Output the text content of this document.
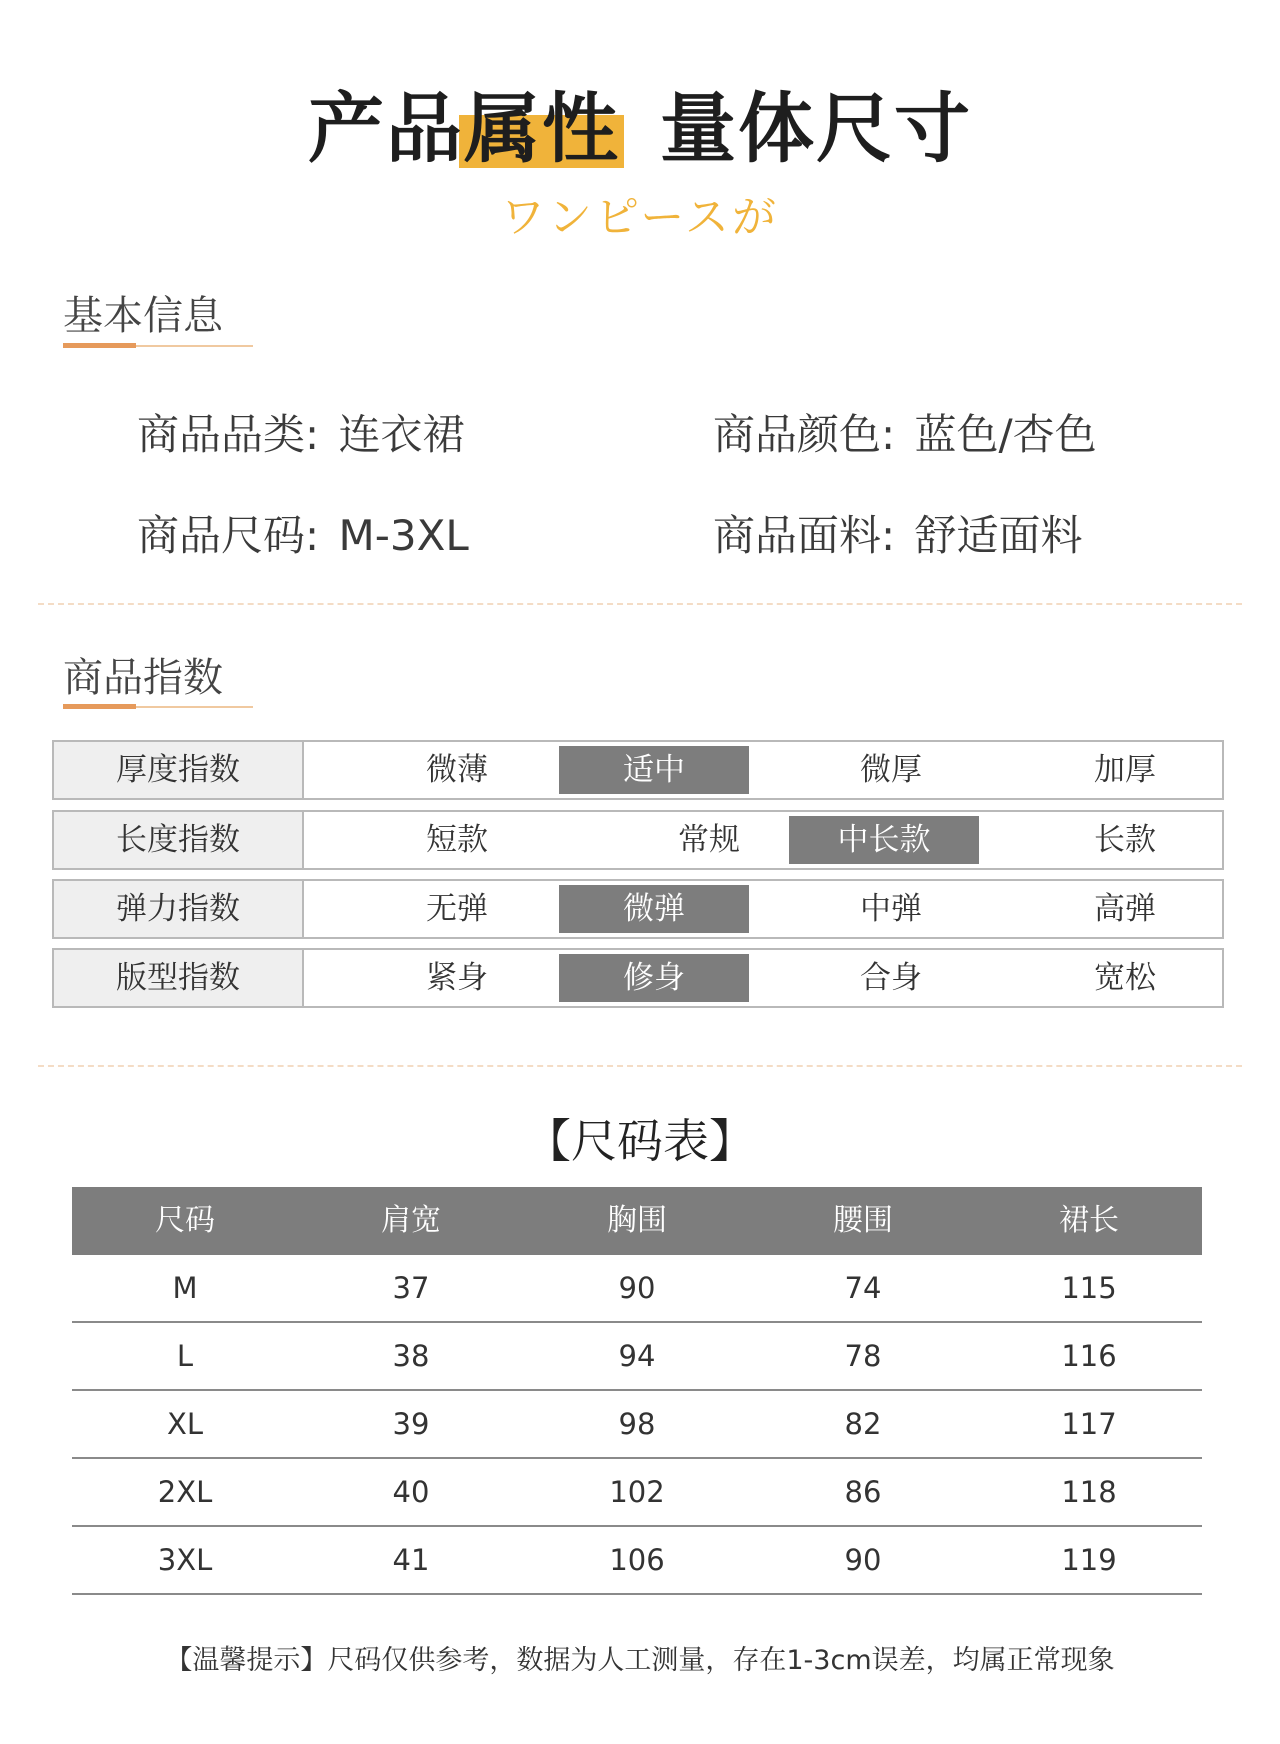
产品属性 量体尺寸
ワンピースが
基本信息
商品品类: 连衣裙	商品颜色: 蓝色/杏色
商品尺码: M-3XL	商品面料: 舒适面料
商品指数
厚度指数	微薄	适中	微厚	加厚
长度指数	短款	常规	中长款	长款
弹力指数	无弹	微弹	中弹	高弹
版型指数	紧身	修身	合身	宽松
【尺码表】
尺码	肩宽	胸围	腰围	裙长
M	37	90	74	115
L	38	94	78	116
XL	39	98	82	117
2XL	40	102	86	118
3XL	41	106	90	119
【温馨提示】尺码仅供参考，数据为人工测量，存在1-3cm误差，均属正常现象
